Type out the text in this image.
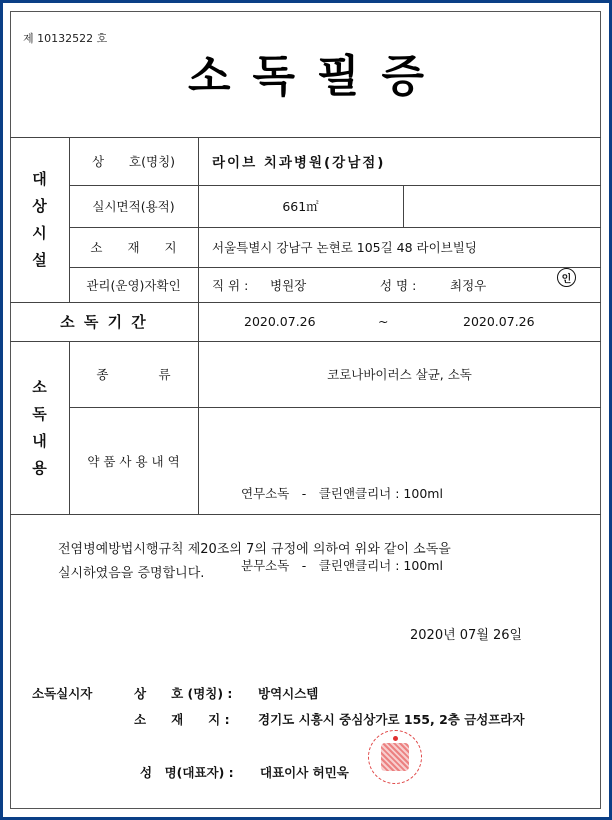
제 10132522 호
소독필증
대
상
시
설
상　　호(명칭)	라이브 치과병원(강남점)
실시면적(용적)	661㎡
소　　재　　지	서울특별시 강남구 논현로 105길 48 라이브빌딩
관리(운영)자확인	직 위 :	병원장	성 명 :	최정우	인
소 독 기 간	2020.07.26	~	2020.07.26
소
독
내
용
종　　　　류	코로나바이러스 살균, 소독
약 품 사 용 내 역

연무소독　-　클린앤클리너 : 100ml

분무소독　-　클린앤클리너 : 100ml

전염병예방법시행규칙 제20조의 7의 규정에 의하여 위와 같이 소독을
실시하였음을 증명합니다.
2020년 07월 26일
소독실시자	상　　호 (명칭) : 방역시스템
소　　재　　지 : 경기도 시흥시 중심상가로 155, 2층 금성프라자
성　명(대표자) : 대표이사 허민욱
